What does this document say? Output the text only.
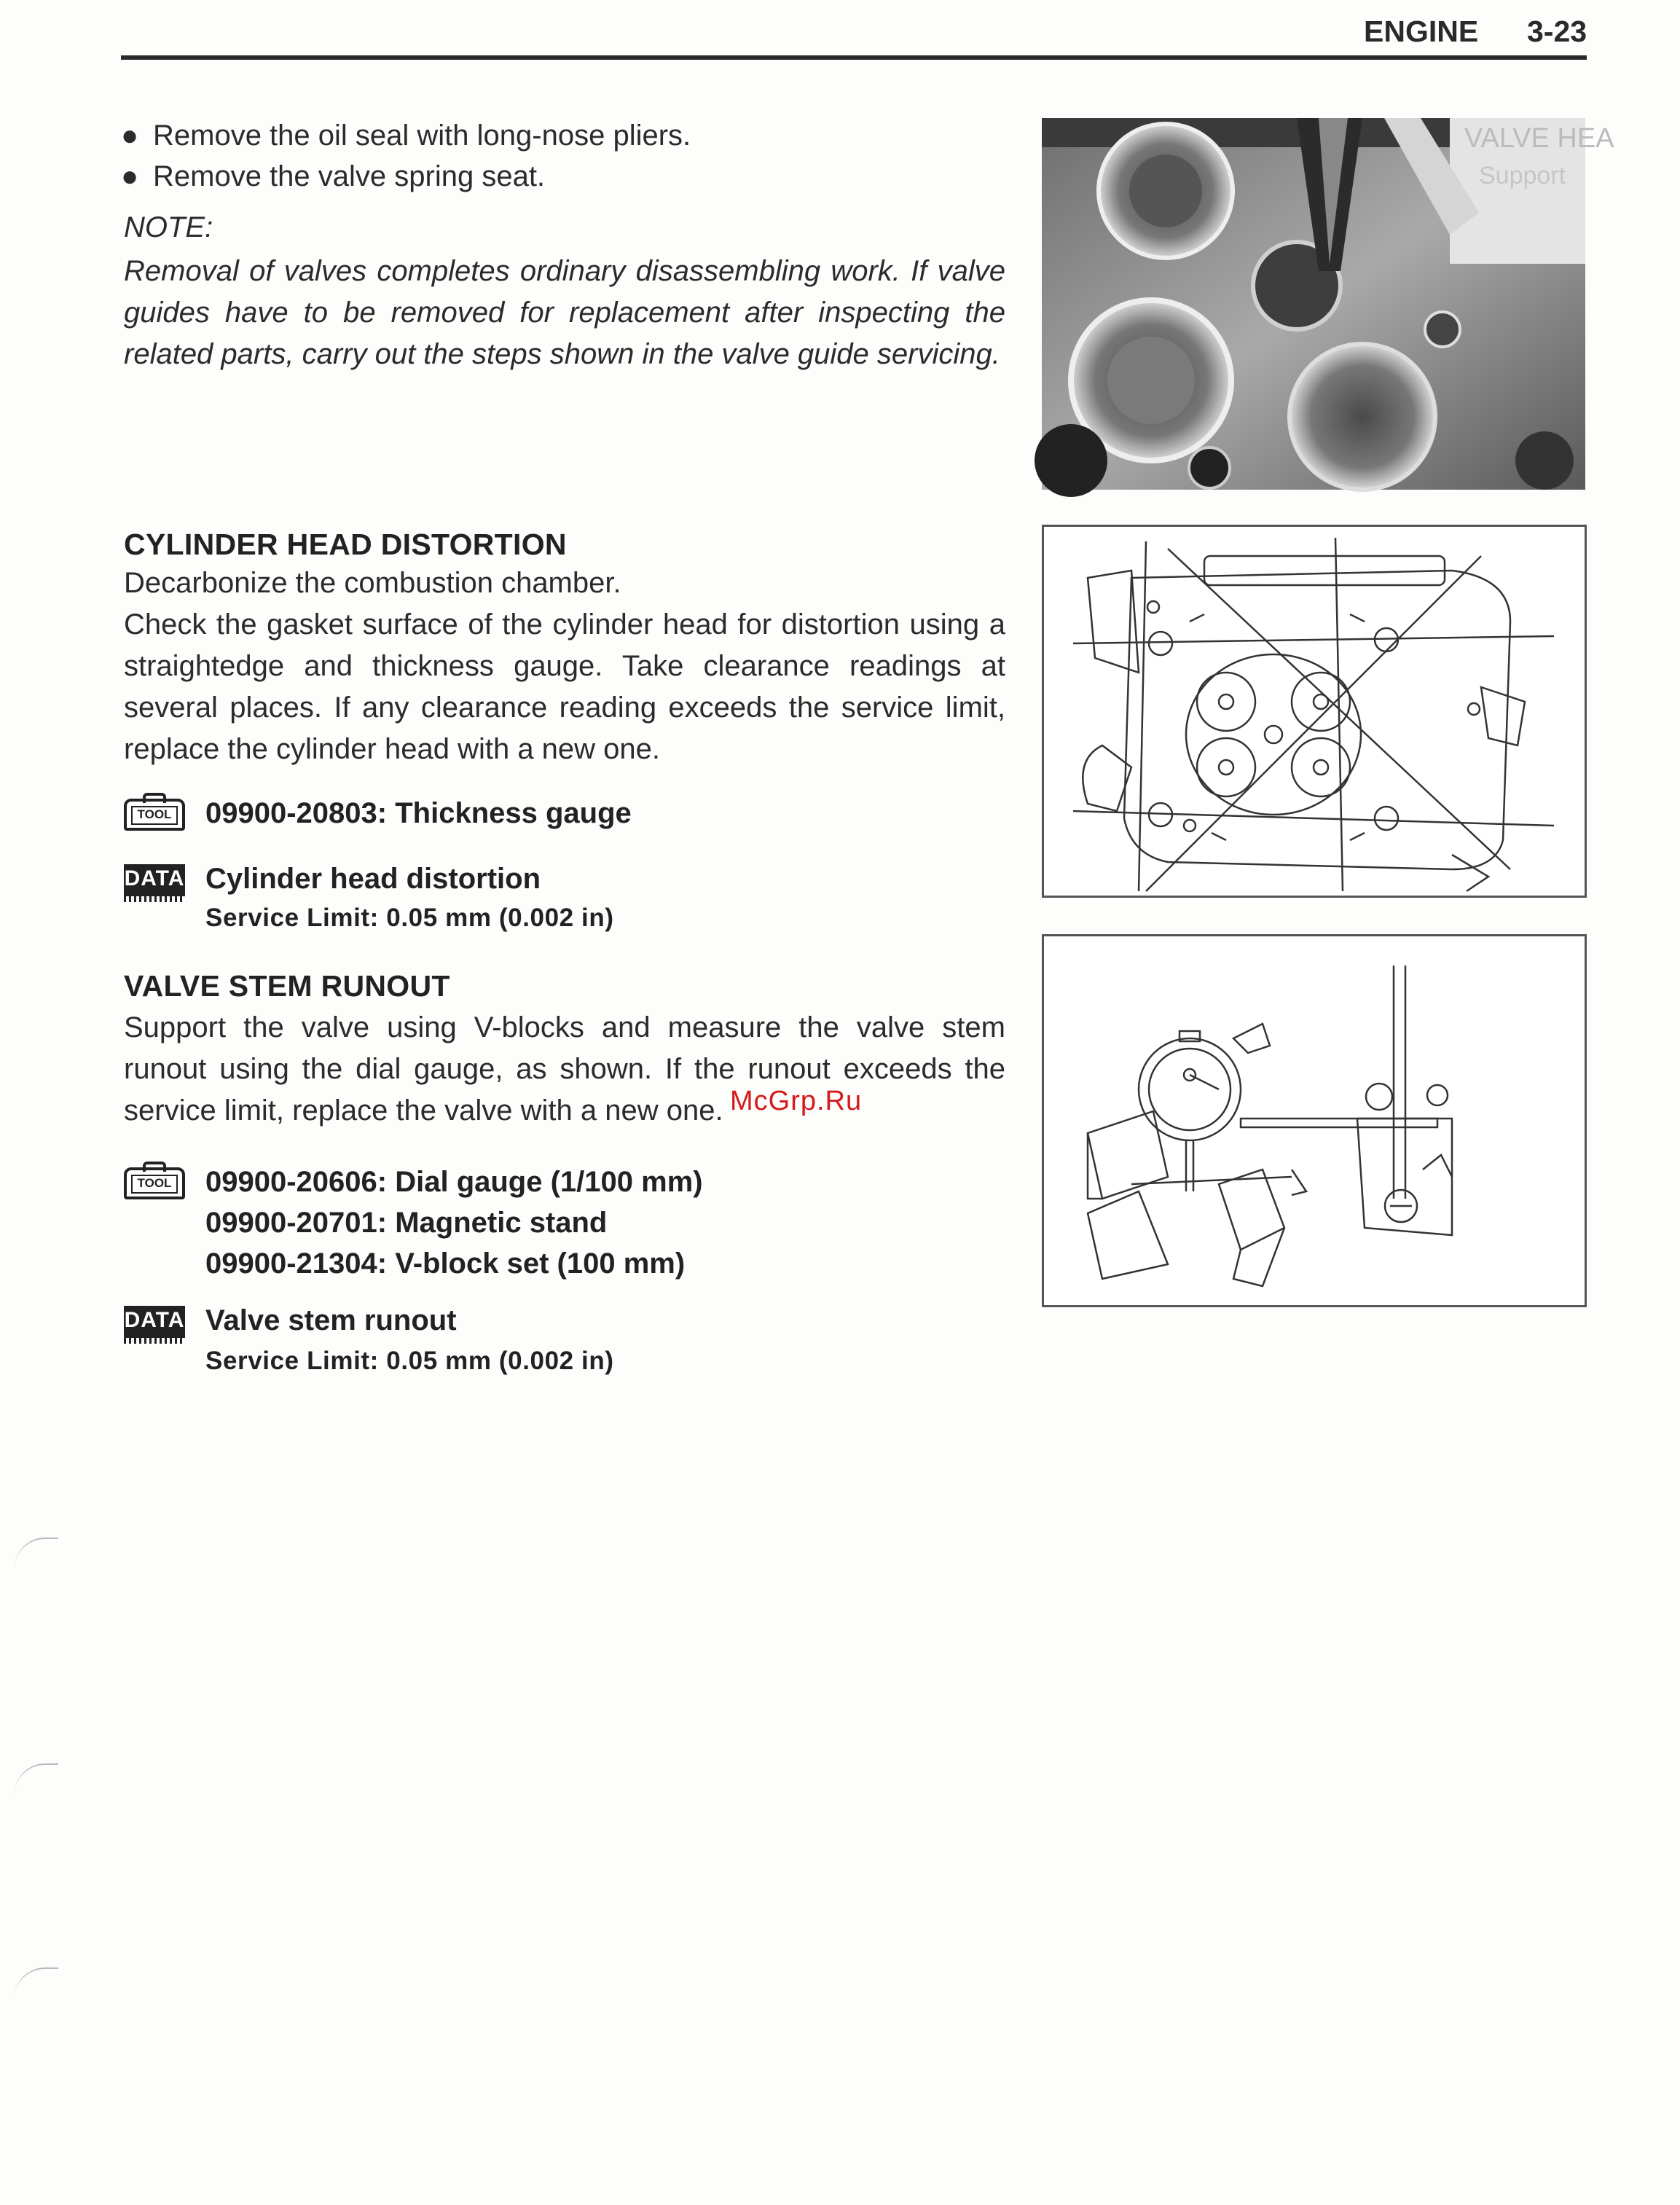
ENGINE 3-23
● Remove the oil seal with long-nose pliers.
● Remove the valve spring seat.
NOTE:
Removal of valves completes ordinary disassembling work. If valve guides have to be removed for replacement after inspecting the related parts, carry out the steps shown in the valve guide servicing.
VALVE HEA
Support
CYLINDER HEAD DISTORTION

Decarbonize the combustion chamber.

Check the gasket surface of the cylinder head for distortion using a straightedge and thickness gauge. Take clearance readings at several places. If any clearance reading exceeds the service limit, replace the cylinder head with a new one.

TOOL 09900-20803: Thickness gauge
DATA Cylinder head distortion
Service Limit: 0.05 mm (0.002 in)
VALVE STEM RUNOUT
Support the valve using V-blocks and measure the valve stem runout using the dial gauge, as shown. If the runout exceeds the service limit, replace the valve with a new one. McGrp.Ru
TOOL 09900-20606: Dial gauge (1/100 mm)
09900-20701: Magnetic stand
09900-21304: V-block set (100 mm)
DATA Valve stem runout
Service Limit: 0.05 mm (0.002 in)
